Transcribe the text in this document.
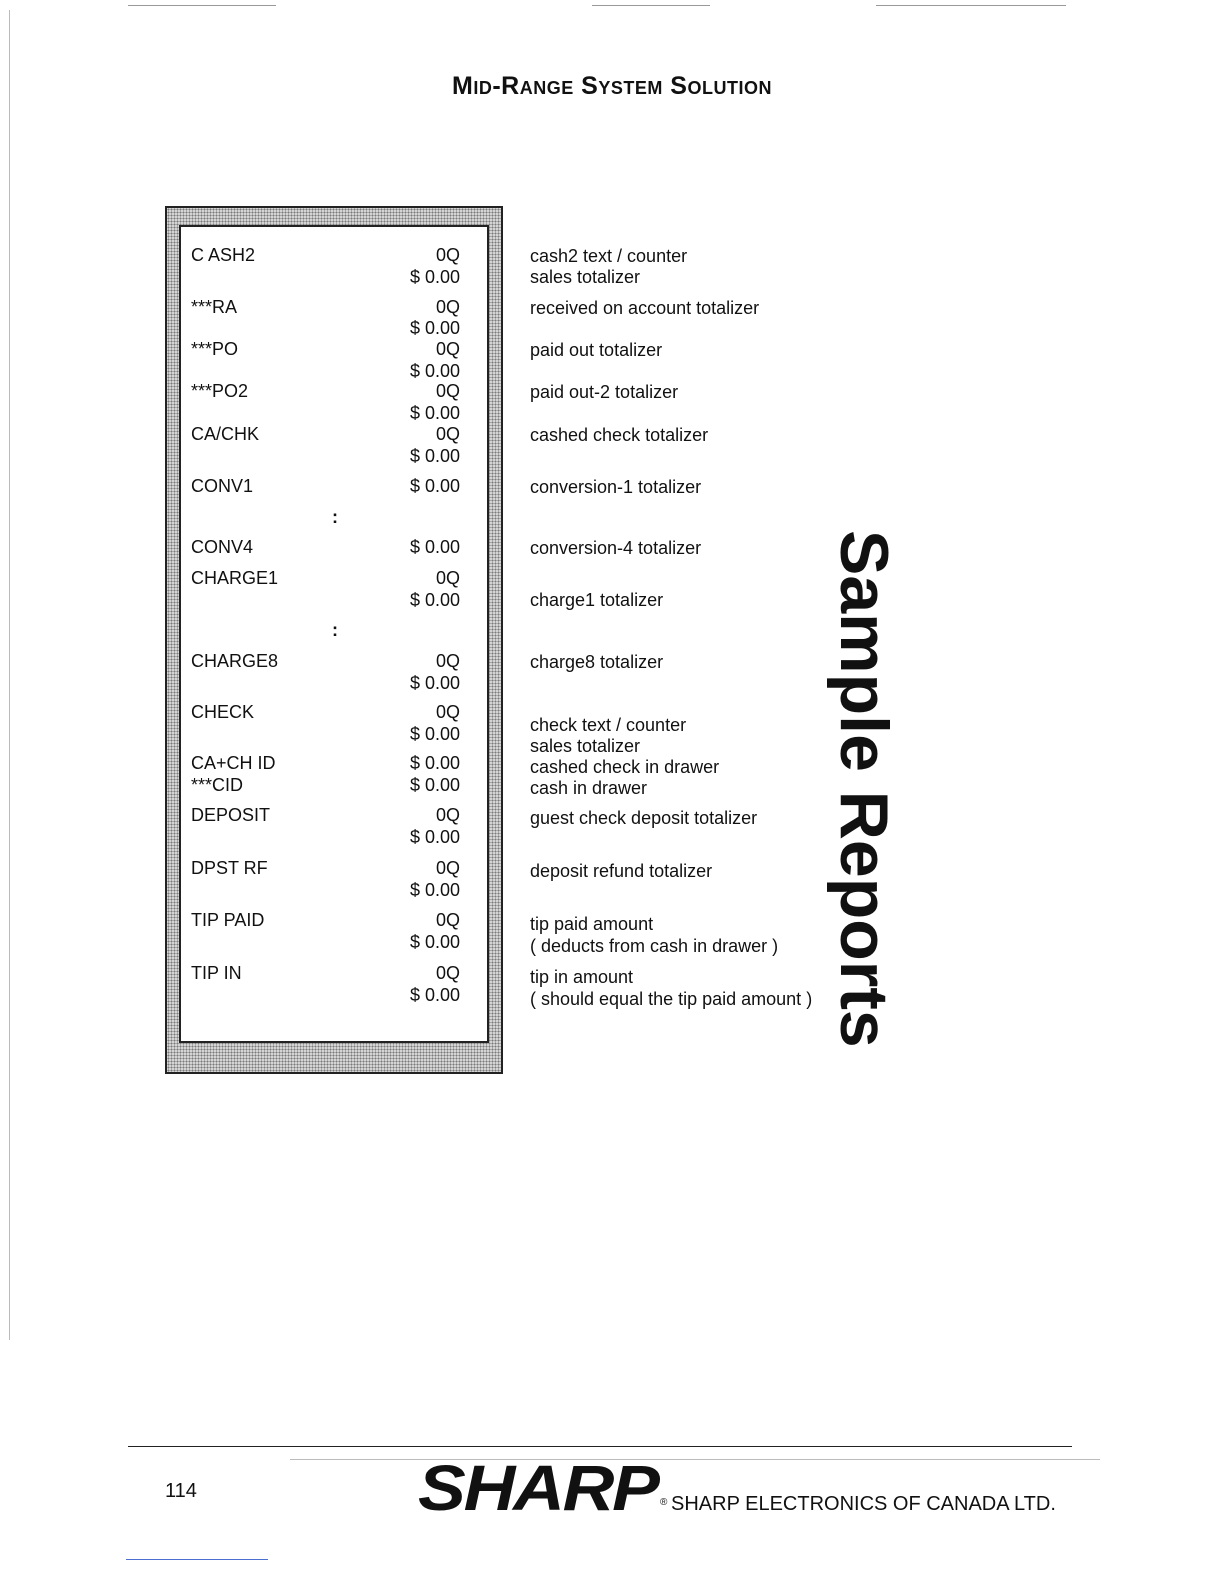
Mid-Range System Solution
C ASH2
***RA
***PO
***PO2
CA/CHK
CONV1
CONV4
CHARGE1
CHARGE8
CHECK
CA+CH ID
***CID
DEPOSIT
DPST RF
TIP PAID
TIP IN
0Q
0Q
0Q
0Q
0Q
0Q
0Q
0Q
0Q
0Q
0Q
0Q
$ 0.00
$ 0.00
$ 0.00
$ 0.00
$ 0.00
$ 0.00
$ 0.00
$ 0.00
$ 0.00
$ 0.00
$ 0.00
$ 0.00
$ 0.00
$ 0.00
$ 0.00
$ 0.00
:
:
cash2 text / counter
sales totalizer
received on account totalizer
paid out totalizer
paid out-2 totalizer
cashed check totalizer
conversion-1 totalizer
conversion-4 totalizer
charge1 totalizer
charge8 totalizer
check text / counter
sales totalizer
cashed check in drawer
cash in drawer
guest check deposit totalizer
deposit refund totalizer
tip paid amount
( deducts from cash in drawer )
tip in amount
( should equal the tip paid amount ) Sample Reports
114	SHARP ® SHARP ELECTRONICS OF CANADA LTD.
